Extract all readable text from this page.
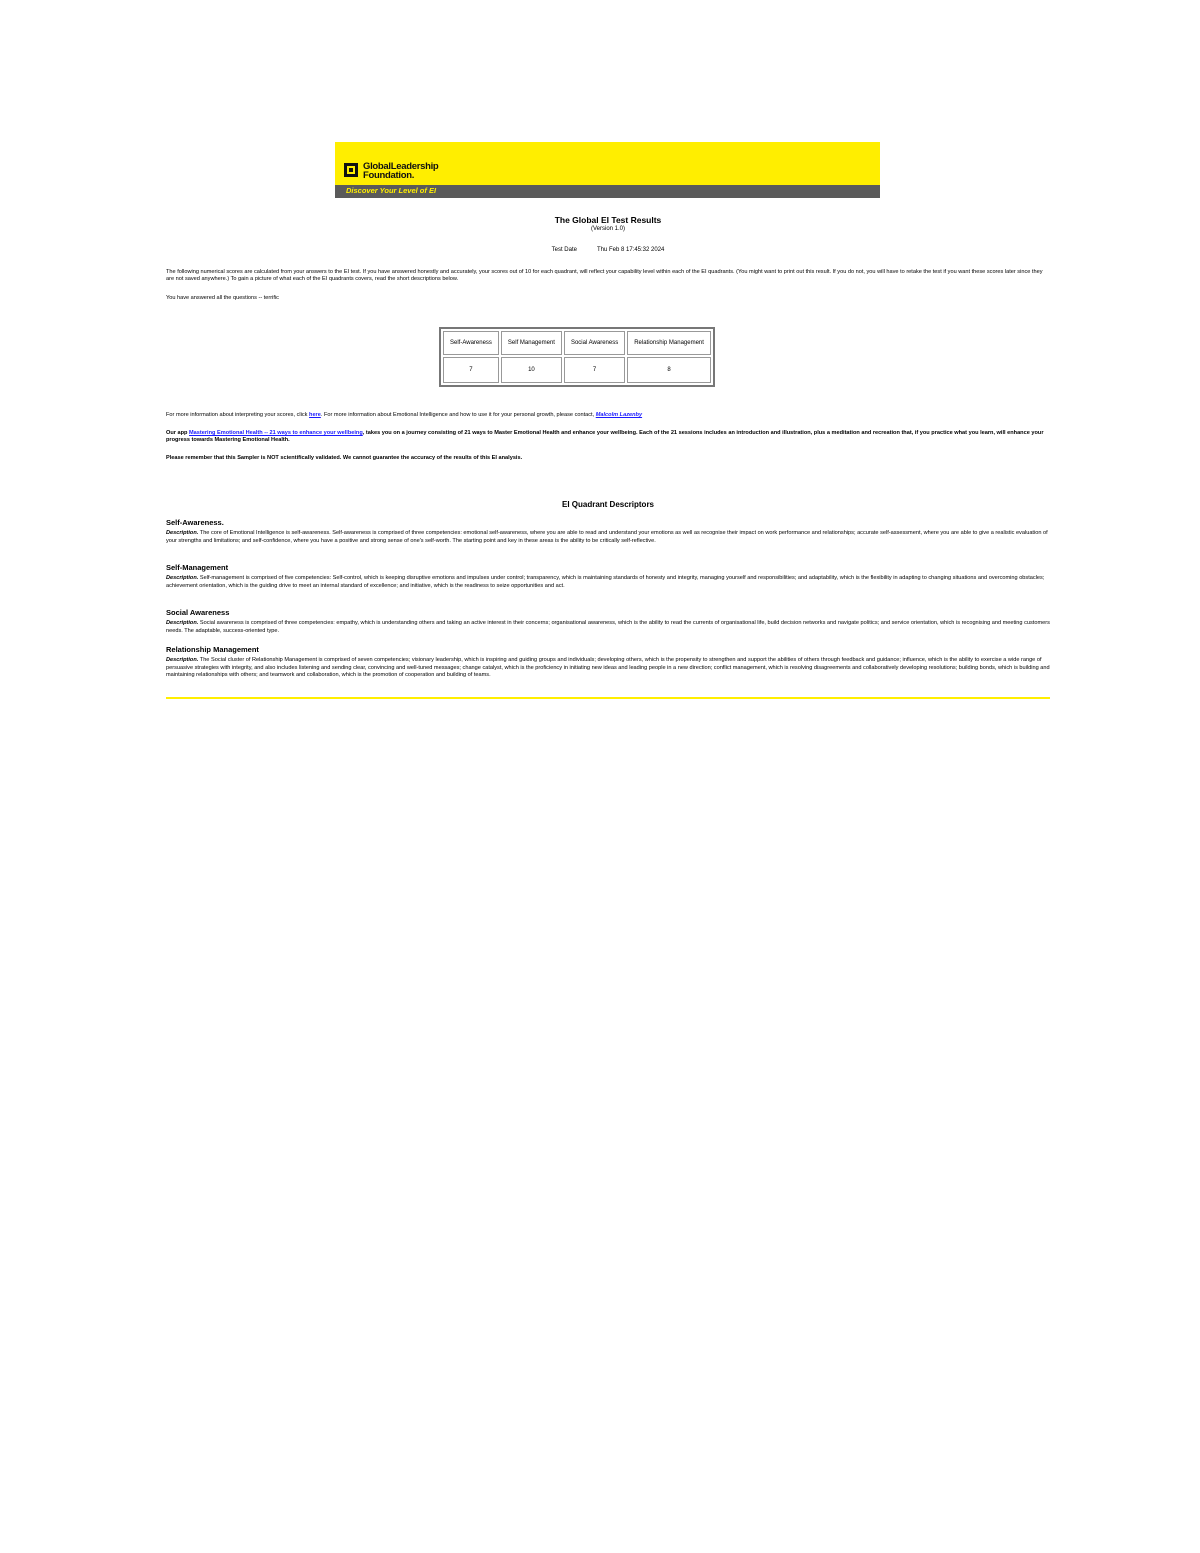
GlobalLeadership
Foundation.
Discover Your Level of EI
The Global EI Test Results
(Version 1.0)
Test Date	Thu Feb 8 17:45:32 2024

The following numerical scores are calculated from your answers to the EI test. If you have answered honestly and accurately, your scores out of 10 for each quadrant, will reflect your capability level within each of the EI quadrants. (You might want to print out this result. If you do not, you will have to retake the test if you want these scores later since they are not saved anywhere.) To gain a picture of what each of the EI quadrants covers, read the short descriptions below.

You have answered all the questions -- terrific

For more information about interpreting your scores, click here. For more information about Emotional Intelligence and how to use it for your personal growth, please contact, Malcolm Lazenby

Our app Mastering Emotional Health -- 21 ways to enhance your wellbeing, takes you on a journey consisting of 21 ways to Master Emotional Health and enhance your wellbeing. Each of the 21 sessions includes an introduction and illustration, plus a meditation and recreation that, if you practice what you learn, will enhance your progress towards Mastering Emotional Health.

Please remember that this Sampler is NOT scientifically validated. We cannot guarantee the accuracy of the results of this EI analysis.

EI Quadrant Descriptors
Self-Awareness.

Description. The core of Emotional Intelligence is self-awareness. Self-awareness is comprised of three competencies: emotional self-awareness, where you are able to read and understand your emotions as well as recognise their impact on work performance and relationships; accurate self-assessment, where you are able to give a realistic evaluation of your strengths and limitations; and self-confidence, where you have a positive and strong sense of one's self-worth. The starting point and key in these areas is the ability to be critically self-reflective.

Self-Management

Description. Self-management is comprised of five competencies: Self-control, which is keeping disruptive emotions and impulses under control; transparency, which is maintaining standards of honesty and integrity, managing yourself and responsibilities; and adaptability, which is the flexibility in adapting to changing situations and overcoming obstacles; achievement orientation, which is the guiding drive to meet an internal standard of excellence; and initiative, which is the readiness to seize opportunities and act.

Social Awareness

Description. Social awareness is comprised of three competencies: empathy, which is understanding others and taking an active interest in their concerns; organisational awareness, which is the ability to read the currents of organisational life, build decision networks and navigate politics; and service orientation, which is recognising and meeting customers needs. The adaptable, success-oriented type.

Relationship Management

Description. The Social cluster of Relationship Management is comprised of seven competencies; visionary leadership, which is inspiring and guiding groups and individuals; developing others, which is the propensity to strengthen and support the abilities of others through feedback and guidance; influence, which is the ability to exercise a wide range of persuasive strategies with integrity, and also includes listening and sending clear, convincing and well-tuned messages; change catalyst, which is the proficiency in initiating new ideas and leading people in a new direction; conflict management, which is resolving disagreements and collaboratively developing resolutions; building bonds, which is building and maintaining relationships with others; and teamwork and collaboration, which is the promotion of cooperation and building of teams.

Self-Awareness	Self Management	Social Awareness	Relationship Management
7	10	7	8
